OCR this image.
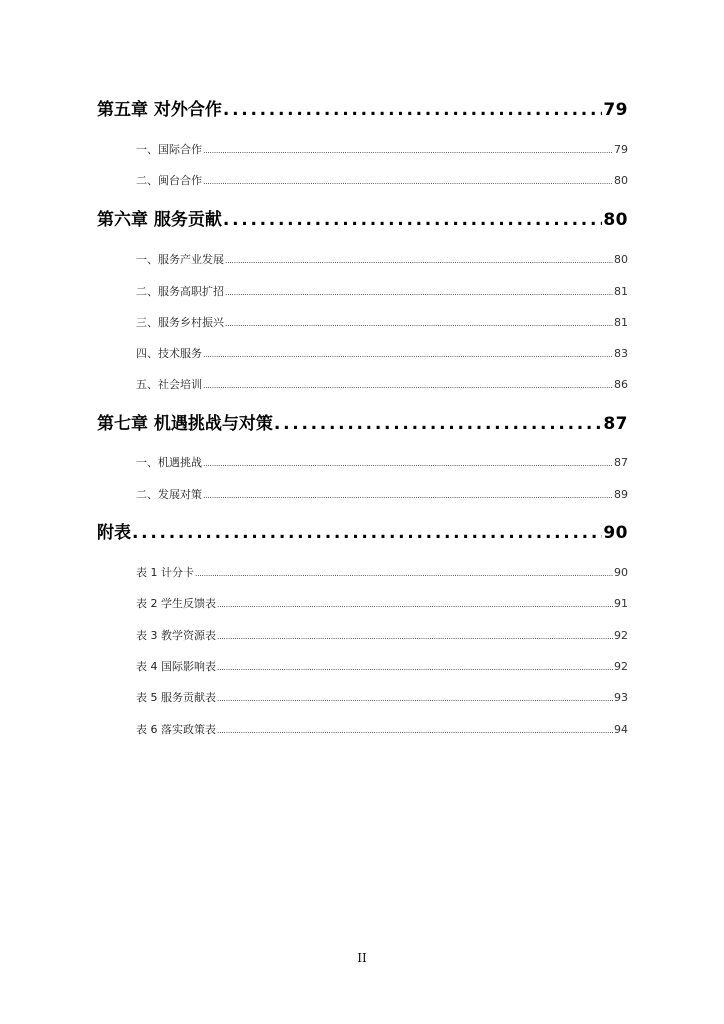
第五章 对外合作 . . .	79
一、国际合作 .....	79
二、闽台合作 .....	80
第六章 服务贡献 . . .	80
一、服务产业发展 .....	80
二、服务高职扩招 .....	81
三、服务乡村振兴 .....	81
四、技术服务 .....	83
五、社会培训 .....	86
第七章 机遇挑战与对策 . . .	87
一、机遇挑战 .....	87
二、发展对策 .....	89
附表 . . .	90
表 1 计分卡 .....	90
表 2 学生反馈表 .....	91
表 3 教学资源表 .....	92
表 4 国际影响表 .....	92
表 5 服务贡献表 .....	93
表 6 落实政策表 .....	94
II
